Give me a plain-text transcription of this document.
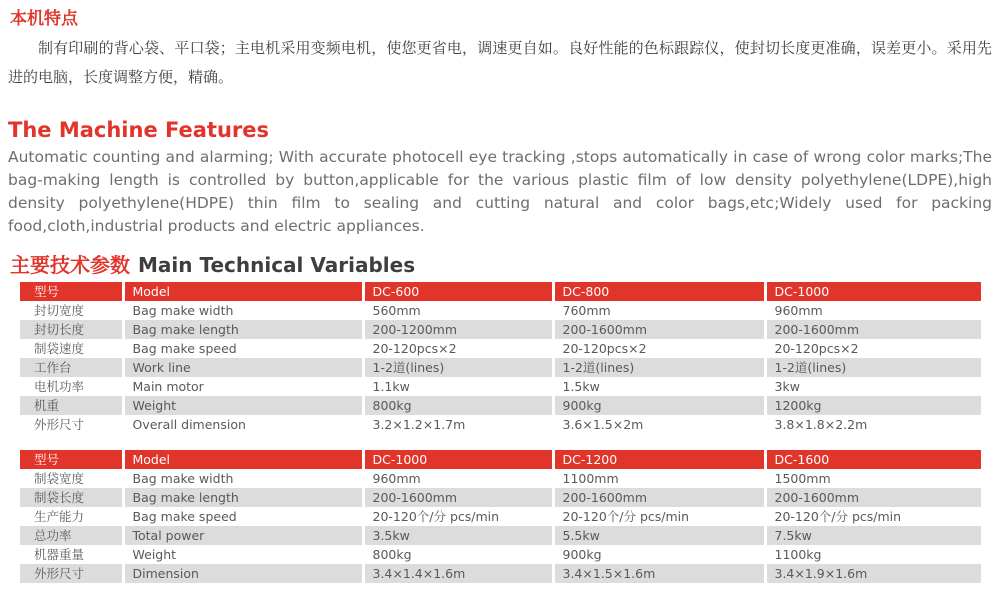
本机特点

制有印刷的背心袋、平口袋；主电机采用变频电机，使您更省电，调速更自如。良好性能的色标跟踪仪，使封切长度更准确，误差更小。采用先进的电脑，长度调整方便，精确。

The Machine Features

Automatic counting and alarming; With accurate photocell eye tracking ,stops automatically in case of wrong color marks;The bag-making length is controlled by button,applicable for the various plastic film of low density polyethylene(LDPE),high density polyethylene(HDPE) thin film to sealing and cutting natural and color bags,etc;Widely used for packing food,cloth,industrial products and electric appliances.

主要技术参数 Main Technical Variables
型号	Model	DC-600	DC-800	DC-1000
封切宽度	Bag make width	560mm	760mm	960mm
封切长度	Bag make length	200-1200mm	200-1600mm	200-1600mm
制袋速度	Bag make speed	20-120pcs×2	20-120pcs×2	20-120pcs×2
工作台	Work line	1-2道(lines)	1-2道(lines)	1-2道(lines)
电机功率	Main motor	1.1kw	1.5kw	3kw
机重	Weight	800kg	900kg	1200kg
外形尺寸	Overall dimension	3.2×1.2×1.7m	3.6×1.5×2m	3.8×1.8×2.2m
型号	Model	DC-1000	DC-1200	DC-1600
制袋宽度	Bag make width	960mm	1100mm	1500mm
制袋长度	Bag make length	200-1600mm	200-1600mm	200-1600mm
生产能力	Bag make speed	20-120个/分 pcs/min	20-120个/分 pcs/min	20-120个/分 pcs/min
总功率	Total power	3.5kw	5.5kw	7.5kw
机器重量	Weight	800kg	900kg	1100kg
外形尺寸	Dimension	3.4×1.4×1.6m	3.4×1.5×1.6m	3.4×1.9×1.6m
